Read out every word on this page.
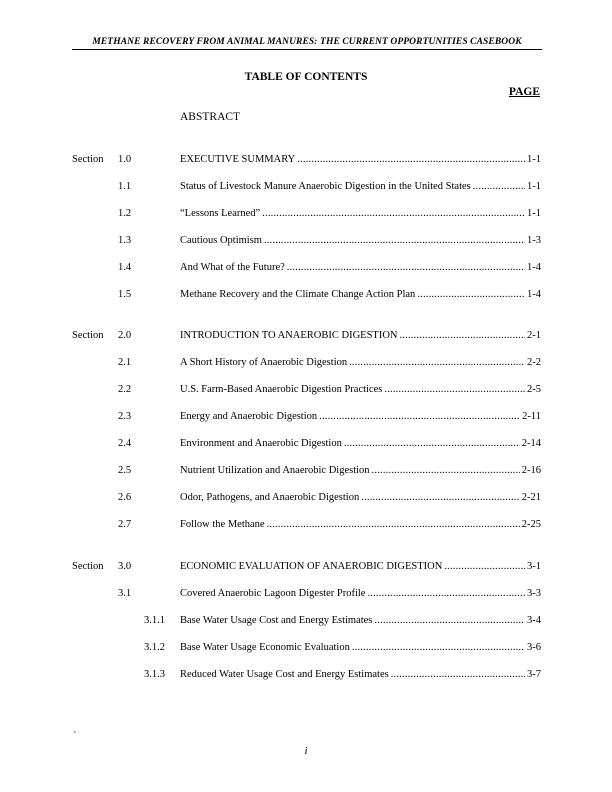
METHANE RECOVERY FROM ANIMAL MANURES: THE CURRENT OPPORTUNITIES CASEBOOK
TABLE OF CONTENTS
PAGE
ABSTRACT
Section 1.0	EXECUTIVE SUMMARY .....	1-1
1.1	Status of Livestock Manure Anaerobic Digestion in the United States .....	1-1
1.2	“Lessons Learned” .....	1-1
1.3	Cautious Optimism .....	1-3
1.4	And What of the Future? .....	1-4
1.5	Methane Recovery and the Climate Change Action Plan .....	1-4
Section 2.0	INTRODUCTION TO ANAEROBIC DIGESTION .....	2-1
2.1	A Short History of Anaerobic Digestion .....	2-2
2.2	U.S. Farm-Based Anaerobic Digestion Practices .....	2-5
2.3	Energy and Anaerobic Digestion .....	2-11
2.4	Environment and Anaerobic Digestion .....	2-14
2.5	Nutrient Utilization and Anaerobic Digestion .....	2-16
2.6	Odor, Pathogens, and Anaerobic Digestion .....	2-21
2.7	Follow the Methane .....	2-25
Section 3.0	ECONOMIC EVALUATION OF ANAEROBIC DIGESTION .....	3-1
3.1	Covered Anaerobic Lagoon Digester Profile .....	3-3
3.1.1 Base Water Usage Cost and Energy Estimates .....	3-4
3.1.2 Base Water Usage Economic Evaluation .....	3-6
3.1.3 Reduced Water Usage Cost and Energy Estimates .....	3-7
`
i
